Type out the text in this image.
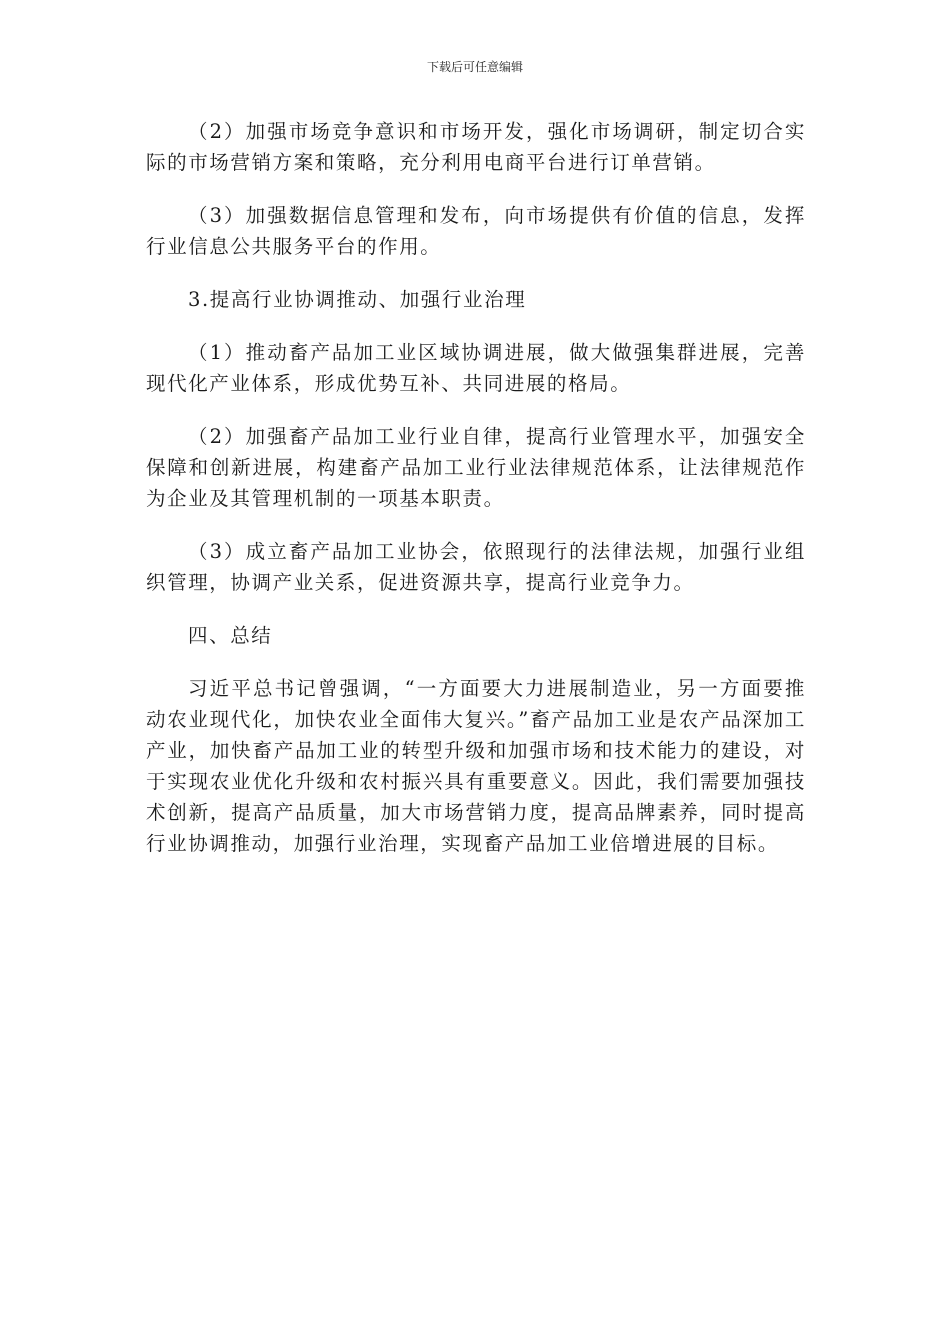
下载后可任意编辑

（2）加强市场竞争意识和市场开发，强化市场调研，制定切合实际的市场营销方案和策略，充分利用电商平台进行订单营销。

（3）加强数据信息管理和发布，向市场提供有价值的信息，发挥行业信息公共服务平台的作用。

3.提高行业协调推动、加强行业治理

（1）推动畜产品加工业区域协调进展，做大做强集群进展，完善现代化产业体系，形成优势互补、共同进展的格局。

（2）加强畜产品加工业行业自律，提高行业管理水平，加强安全保障和创新进展，构建畜产品加工业行业法律规范体系，让法律规范作为企业及其管理机制的一项基本职责。

（3）成立畜产品加工业协会，依照现行的法律法规，加强行业组织管理，协调产业关系，促进资源共享，提高行业竞争力。

四、总结

习近平总书记曾强调，“一方面要大力进展制造业，另一方面要推动农业现代化，加快农业全面伟大复兴。”畜产品加工业是农产品深加工产业，加快畜产品加工业的转型升级和加强市场和技术能力的建设，对于实现农业优化升级和农村振兴具有重要意义。因此，我们需要加强技术创新，提高产品质量，加大市场营销力度，提高品牌素养，同时提高行业协调推动，加强行业治理，实现畜产品加工业倍增进展的目标。
